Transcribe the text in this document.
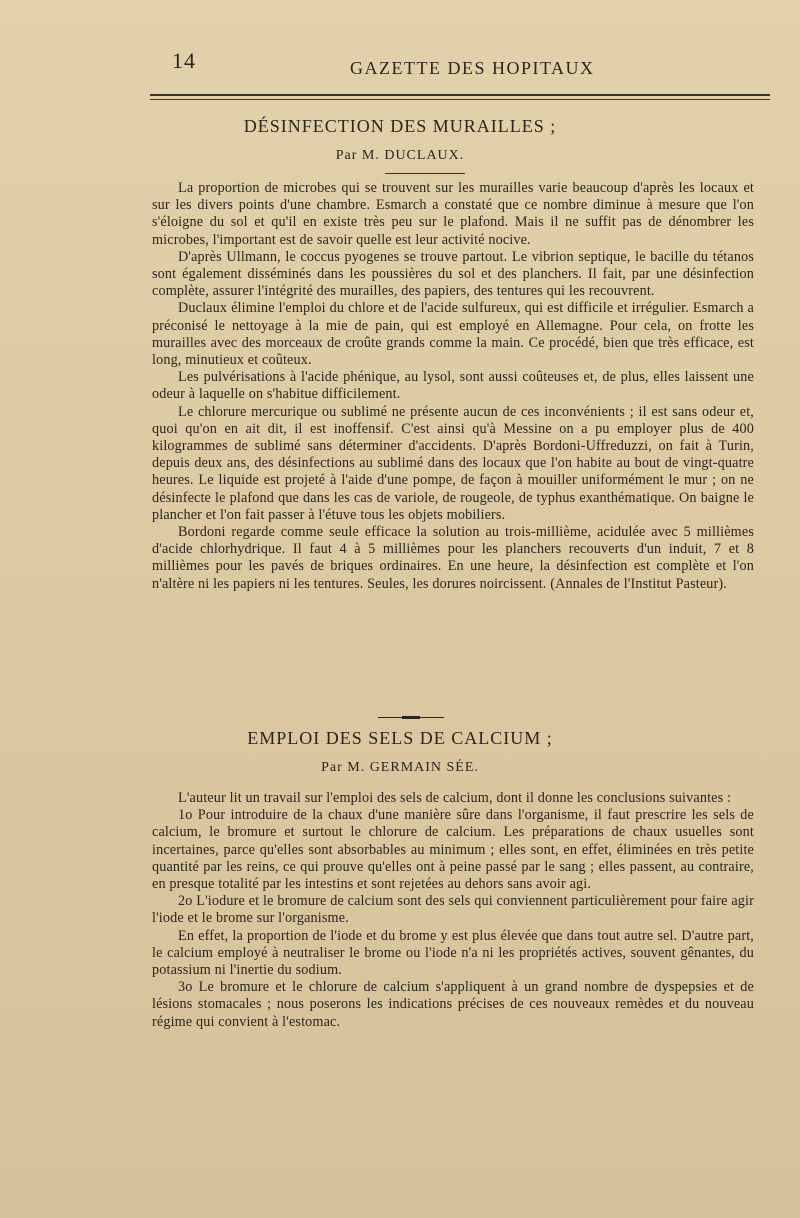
14	GAZETTE DES HOPITAUX
DÉSINFECTION DES MURAILLES ;
Par M. DUCLAUX.

La proportion de microbes qui se trouvent sur les murailles varie beaucoup d'après les locaux et sur les divers points d'une chambre. Esmarch a constaté que ce nombre diminue à mesure que l'on s'éloigne du sol et qu'il en existe très peu sur le plafond. Mais il ne suffit pas de dénombrer les microbes, l'important est de savoir quelle est leur activité nocive.

D'après Ullmann, le coccus pyogenes se trouve partout. Le vibrion septique, le bacille du tétanos sont également disséminés dans les poussières du sol et des planchers. Il fait, par une désinfection complète, assurer l'intégrité des murailles, des papiers, des tentures qui les recouvrent.

Duclaux élimine l'emploi du chlore et de l'acide sulfureux, qui est difficile et irrégulier. Esmarch a préconisé le nettoyage à la mie de pain, qui est employé en Allemagne. Pour cela, on frotte les murailles avec des morceaux de croûte grands comme la main. Ce procédé, bien que très efficace, est long, minutieux et coûteux.

Les pulvérisations à l'acide phénique, au lysol, sont aussi coûteuses et, de plus, elles laissent une odeur à laquelle on s'habitue difficilement.

Le chlorure mercurique ou sublimé ne présente aucun de ces inconvénients ; il est sans odeur et, quoi qu'on en ait dit, il est inoffensif. C'est ainsi qu'à Messine on a pu employer plus de 400 kilogrammes de sublimé sans déterminer d'accidents. D'après Bordoni-Uffreduzzi, on fait à Turin, depuis deux ans, des désinfections au sublimé dans des locaux que l'on habite au bout de vingt-quatre heures. Le liquide est projeté à l'aide d'une pompe, de façon à mouiller uniformément le mur ; on ne désinfecte le plafond que dans les cas de variole, de rougeole, de typhus exanthématique. On baigne le plancher et l'on fait passer à l'étuve tous les objets mobiliers.

Bordoni regarde comme seule efficace la solution au trois-millième, acidulée avec 5 millièmes d'acide chlorhydrique. Il faut 4 à 5 millièmes pour les planchers recouverts d'un induit, 7 et 8 millièmes pour les pavés de briques ordinaires. En une heure, la désinfection est complète et l'on n'altère ni les papiers ni les tentures. Seules, les dorures noircissent. (Annales de l'Institut Pasteur).

EMPLOI DES SELS DE CALCIUM ;
Par M. GERMAIN SÉE.

L'auteur lit un travail sur l'emploi des sels de calcium, dont il donne les conclusions suivantes :

1o Pour introduire de la chaux d'une manière sûre dans l'organisme, il faut prescrire les sels de calcium, le bromure et surtout le chlorure de calcium. Les préparations de chaux usuelles sont incertaines, parce qu'elles sont absorbables au minimum ; elles sont, en effet, éliminées en très petite quantité par les reins, ce qui prouve qu'elles ont à peine passé par le sang ; elles passent, au contraire, en presque totalité par les intestins et sont rejetées au dehors sans avoir agi.

2o L'iodure et le bromure de calcium sont des sels qui conviennent particulièrement pour faire agir l'iode et le brome sur l'organisme.

En effet, la proportion de l'iode et du brome y est plus élevée que dans tout autre sel. D'autre part, le calcium employé à neutraliser le brome ou l'iode n'a ni les propriétés actives, souvent gênantes, du potassium ni l'inertie du sodium.

3o Le bromure et le chlorure de calcium s'appliquent à un grand nombre de dyspepsies et de lésions stomacales ; nous poserons les indications précises de ces nouveaux remèdes et du nouveau régime qui convient à l'estomac.
